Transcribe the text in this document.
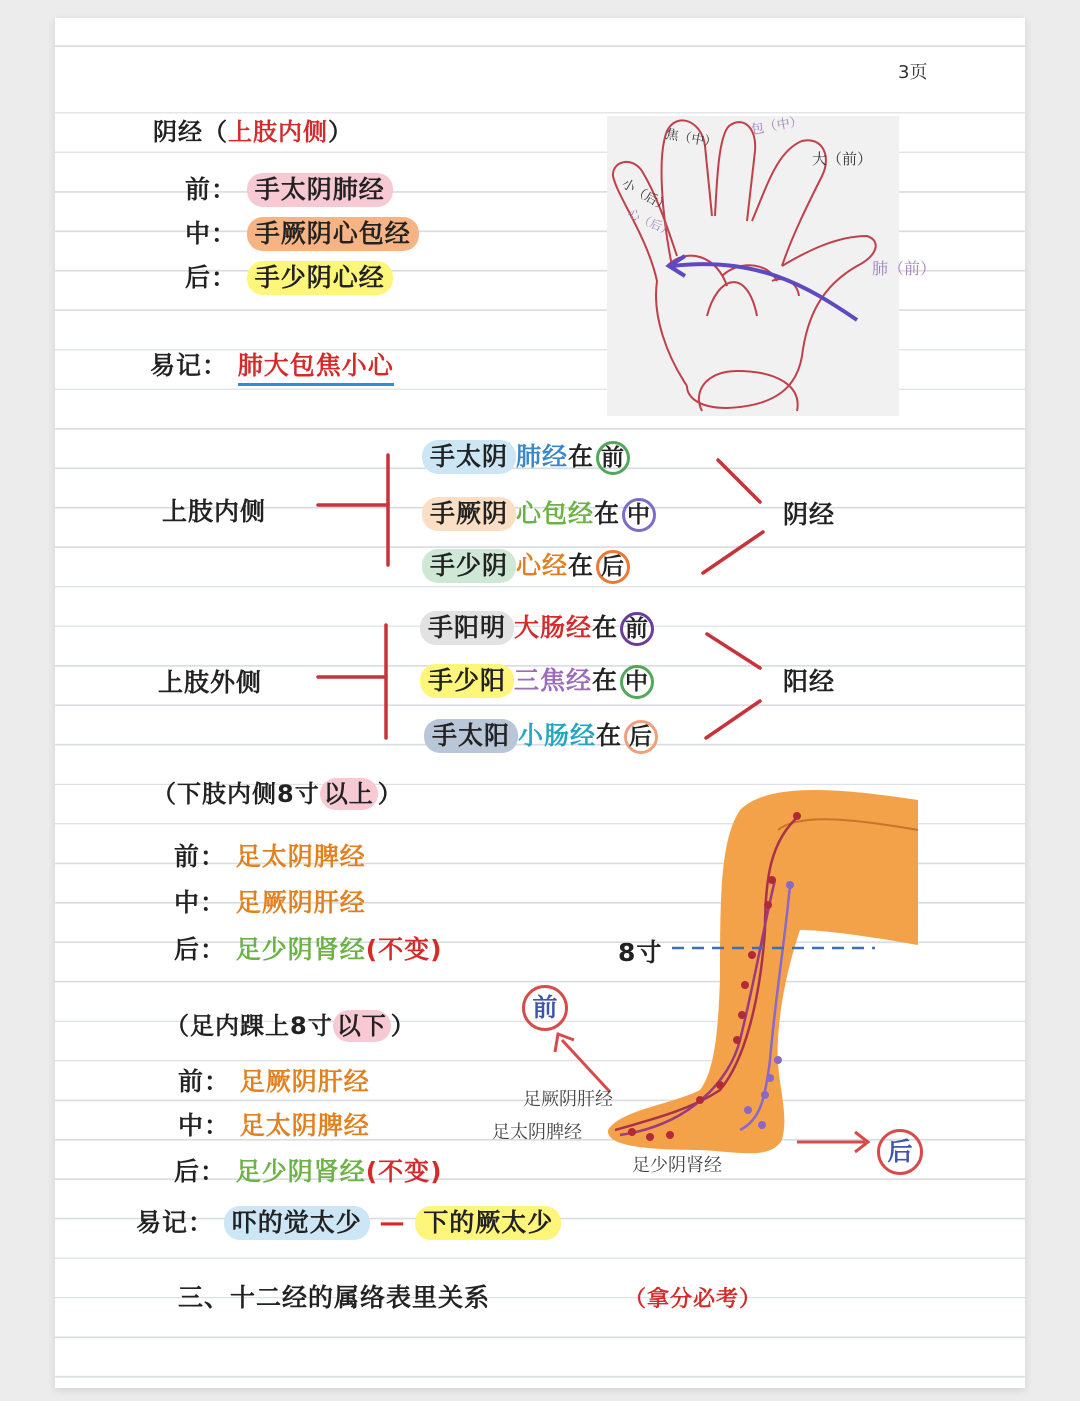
3页
阴经（上肢内侧）
前： 手太阴肺经
中： 手厥阴心包经
后： 手少阴心经
易记： 肺大包焦小心
焦（中）
包（中）
大（前）
小（后）
心（后）
肺（前）
上肢内侧	阴经
手太阴 肺经在 前
手厥阴 心包经在 中
手少阴 心经在 后
上肢外侧	阳经
手阳明 大肠经在 前
手少阳 三焦经在 中
手太阳 小肠经在 后
（下肢内侧8寸 以上 ）
前： 足太阴脾经
中： 足厥阴肝经
后： 足少阴肾经(不变)
（足内踝上8寸 以下 ）
前： 足厥阴肝经
中： 足太阴脾经
后： 足少阴肾经(不变)
8寸
前
后
足厥阴肝经
足太阴脾经
足少阴肾经
易记： 吓的觉太少 — 下的厥太少
三、十二经的属络表里关系	（拿分必考）
